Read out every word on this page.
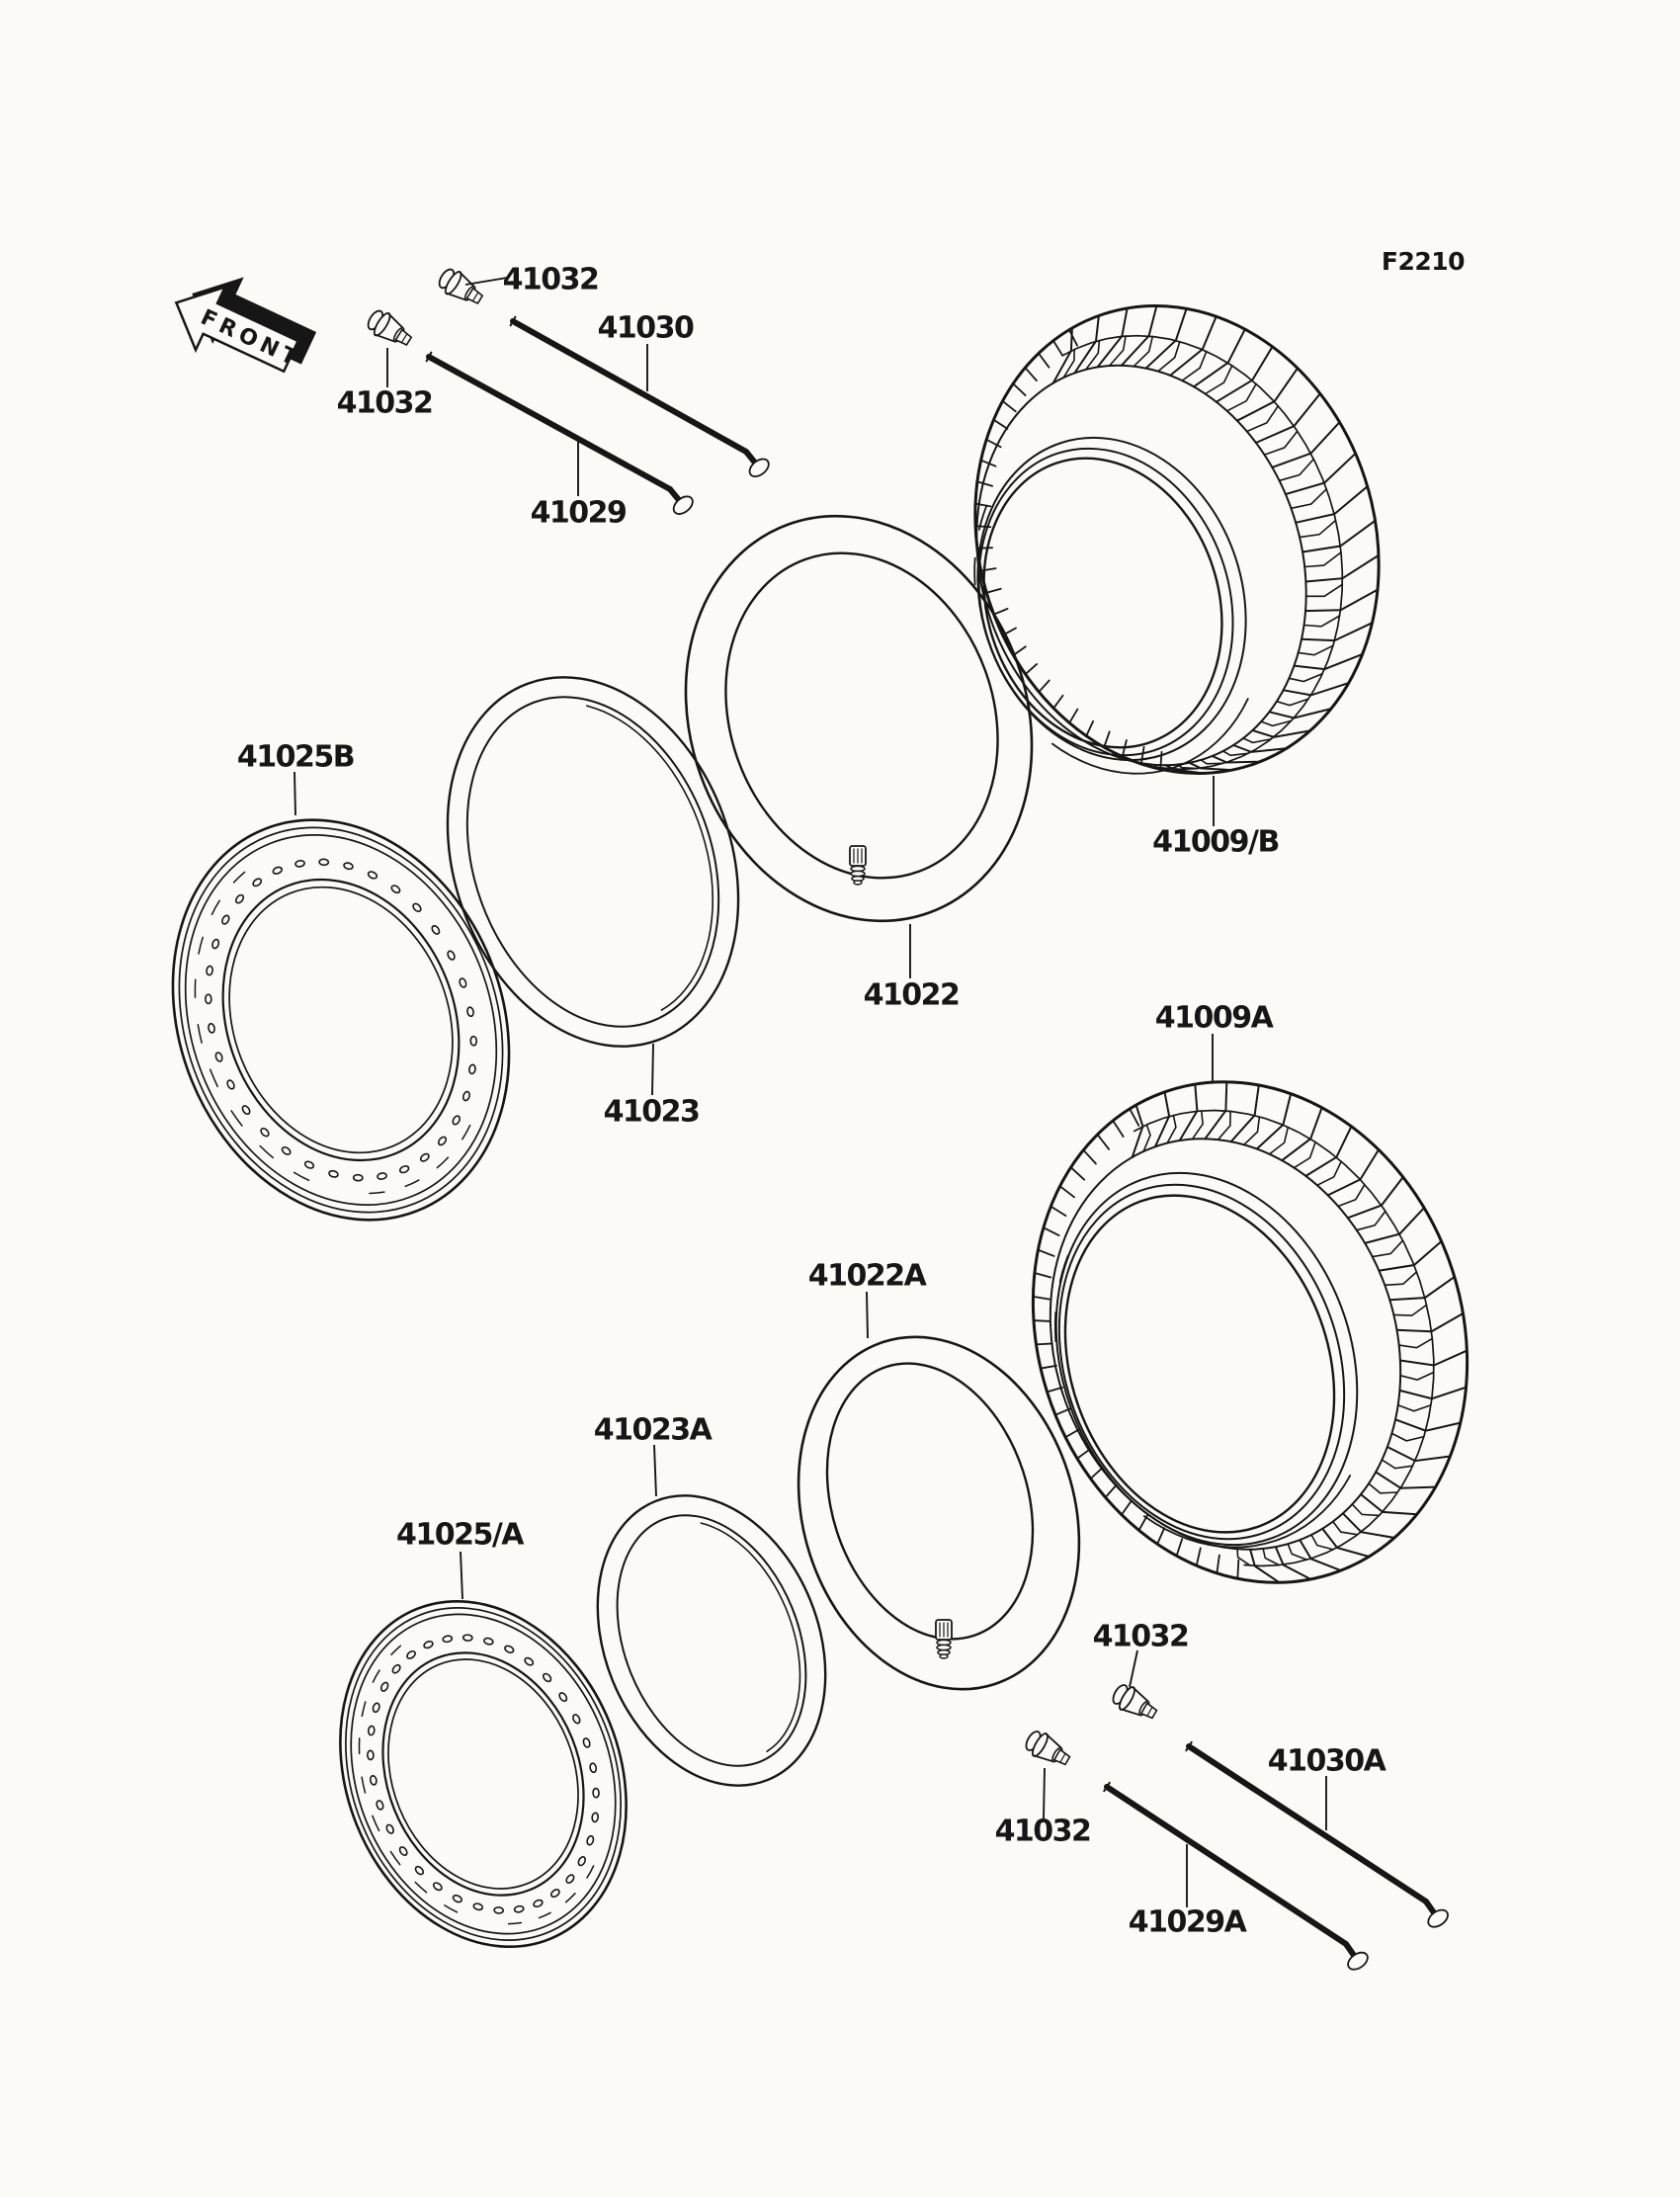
F2210
FRONT
41032
41030
41032
41029
41025B
41009/B
41022
41023
41009A
41022A
41023A
41025/A
41032
41030A
41032
41029A
